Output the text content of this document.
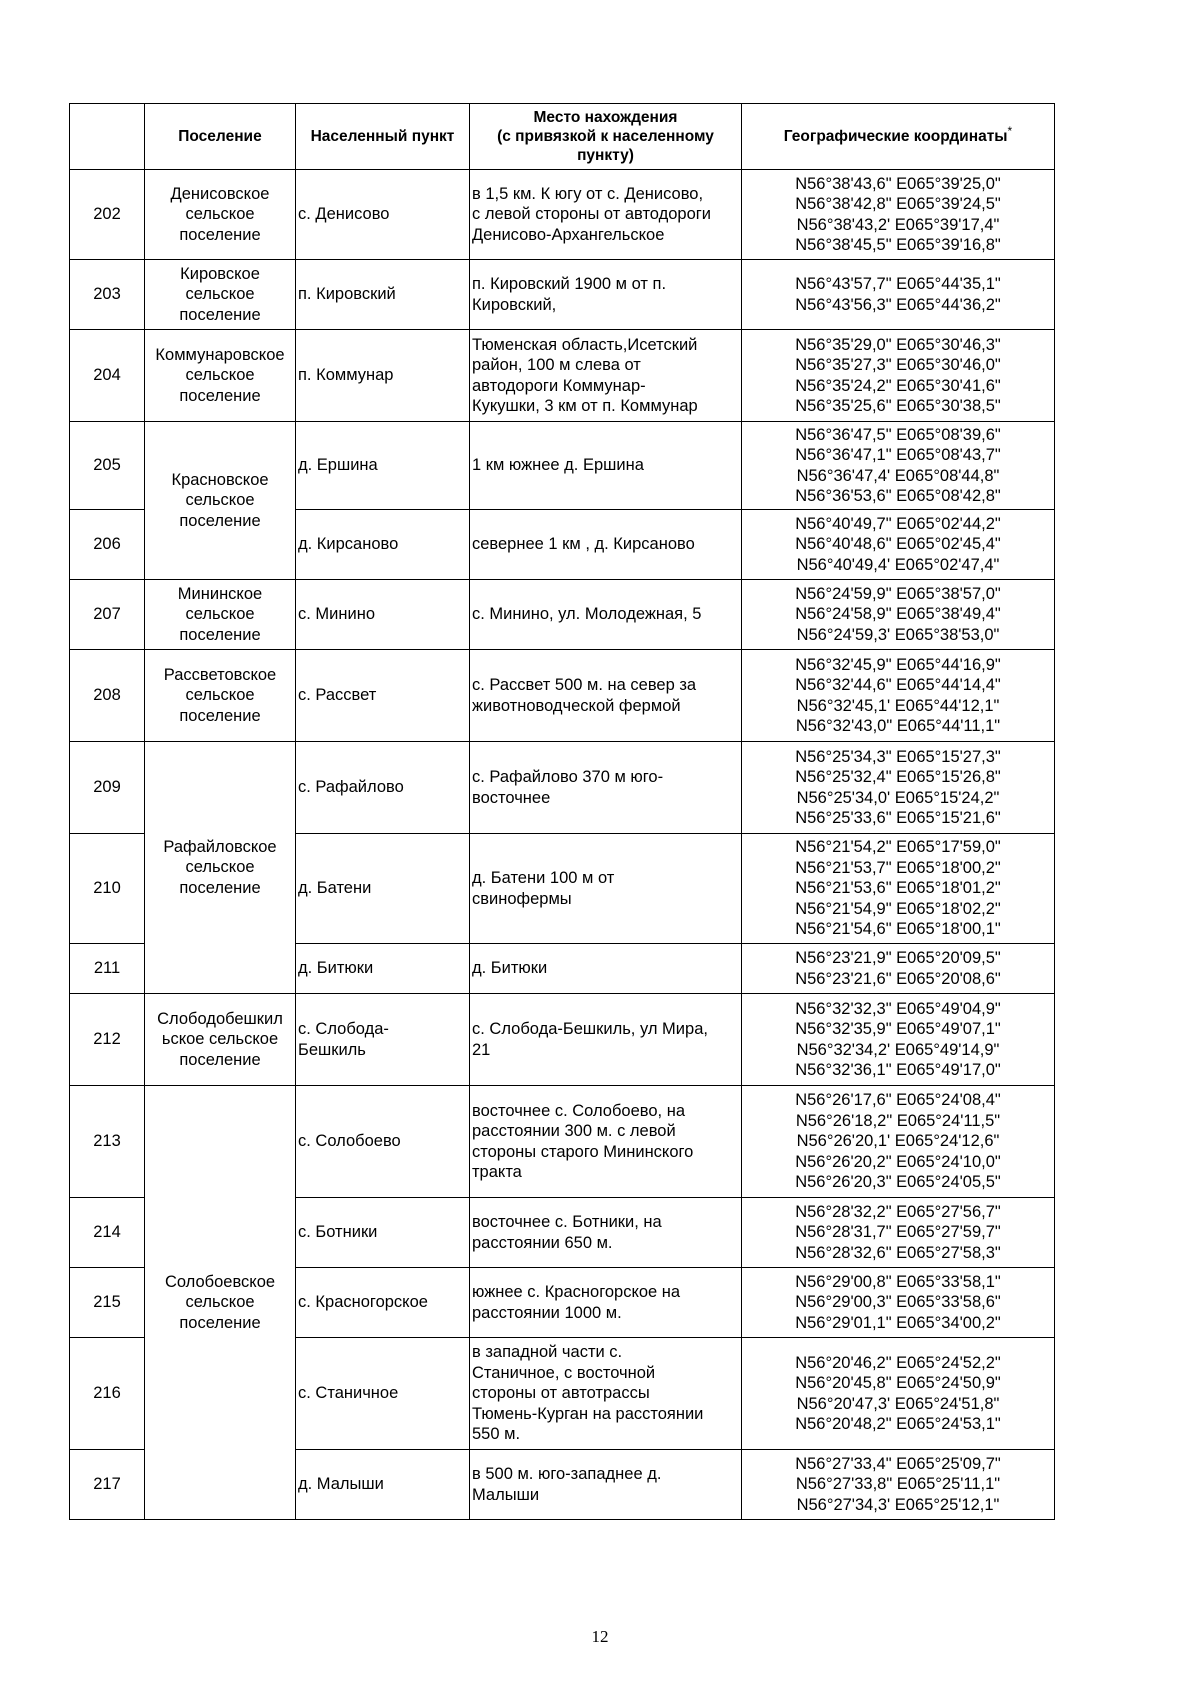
	Поселение	Населенный пункт	Место нахождения
(с привязкой к населенному
пункту)	Географические координаты*
202	Денисовское
сельское
поселение	с. Денисово	в 1,5 км. К югу от с. Денисово,
с левой стороны от автодороги
Денисово-Архангельское	N56°38'43,6" E065°39'25,0"
N56°38'42,8" E065°39'24,5"
N56°38'43,2' E065°39'17,4"
N56°38'45,5" E065°39'16,8"

203	Кировское
сельское
поселение	п. Кировский	п. Кировский 1900 м от п.
Кировский,	N56°43'57,7" E065°44'35,1"
N56°43'56,3" E065°44'36,2"

204	Коммунаровское
сельское
поселение	п. Коммунар	Тюменская область,Исетский
район, 100 м слева от
автодороги Коммунар-
Кукушки, 3 км от п. Коммунар	N56°35'29,0" E065°30'46,3"
N56°35'27,3" E065°30'46,0"
N56°35'24,2" E065°30'41,6"
N56°35'25,6" E065°30'38,5"

205	Красновское
сельское
поселение	д. Ершина	1 км южнее д. Ершина	N56°36'47,5" E065°08'39,6"
N56°36'47,1" E065°08'43,7"
N56°36'47,4' E065°08'44,8"
N56°36'53,6" E065°08'42,8"

206		д. Кирсаново	севернее 1 км , д. Кирсаново	N56°40'49,7" E065°02'44,2"
N56°40'48,6" E065°02'45,4"
N56°40'49,4' E065°02'47,4"

207	Мининское
сельское
поселение	с. Минино	с. Минино, ул. Молодежная, 5	N56°24'59,9" E065°38'57,0"
N56°24'58,9" E065°38'49,4"
N56°24'59,3' E065°38'53,0"

208	Рассветовское
сельское
поселение	с. Рассвет	с. Рассвет 500 м. на север за
животноводческой фермой	N56°32'45,9" E065°44'16,9"
N56°32'44,6" E065°44'14,4"
N56°32'45,1' E065°44'12,1"
N56°32'43,0" E065°44'11,1"

209	Рафайловское
сельское
поселение	с. Рафайлово	с. Рафайлово 370 м юго-
восточнее	N56°25'34,3" E065°15'27,3"
N56°25'32,4" E065°15'26,8"
N56°25'34,0' E065°15'24,2"
N56°25'33,6" E065°15'21,6"

210		д. Батени	д. Батени 100 м от
свинофермы	N56°21'54,2" E065°17'59,0"
N56°21'53,7" E065°18'00,2"
N56°21'53,6" E065°18'01,2"
N56°21'54,9" E065°18'02,2"
N56°21'54,6" E065°18'00,1"

211		д. Битюки	д. Битюки	N56°23'21,9" E065°20'09,5"
N56°23'21,6" E065°20'08,6"

212	Слободобешкил
ьское сельское
поселение	с. Слобода-
Бешкиль	с. Слобода-Бешкиль, ул Мира,
21	N56°32'32,3" E065°49'04,9"
N56°32'35,9" E065°49'07,1"
N56°32'34,2' E065°49'14,9"
N56°32'36,1" E065°49'17,0"

213	Солобоевское
сельское
поселение	с. Солобоево	восточнее с. Солобоево, на
расстоянии 300 м. с левой
стороны старого Мининского
тракта	N56°26'17,6" E065°24'08,4"
N56°26'18,2" E065°24'11,5"
N56°26'20,1' E065°24'12,6"
N56°26'20,2" E065°24'10,0"
N56°26'20,3" E065°24'05,5"

214		с. Ботники	восточнее с. Ботники, на
расстоянии 650 м.	N56°28'32,2" E065°27'56,7"
N56°28'31,7" E065°27'59,7"
N56°28'32,6" E065°27'58,3"

215		с. Красногорское	южнее с. Красногорское на
расстоянии 1000 м.	N56°29'00,8" E065°33'58,1"
N56°29'00,3" E065°33'58,6"
N56°29'01,1" E065°34'00,2"

216		с. Станичное	в западной части с.
Станичное, с восточной
стороны от автотрассы
Тюмень-Курган на расстоянии
550 м.	N56°20'46,2" E065°24'52,2"
N56°20'45,8" E065°24'50,9"
N56°20'47,3' E065°24'51,8"
N56°20'48,2" E065°24'53,1"

217		д. Малыши	в 500 м. юго-западнее д.
Малыши	N56°27'33,4" E065°25'09,7"
N56°27'33,8" E065°25'11,1"
N56°27'34,3' E065°25'12,1"
12
